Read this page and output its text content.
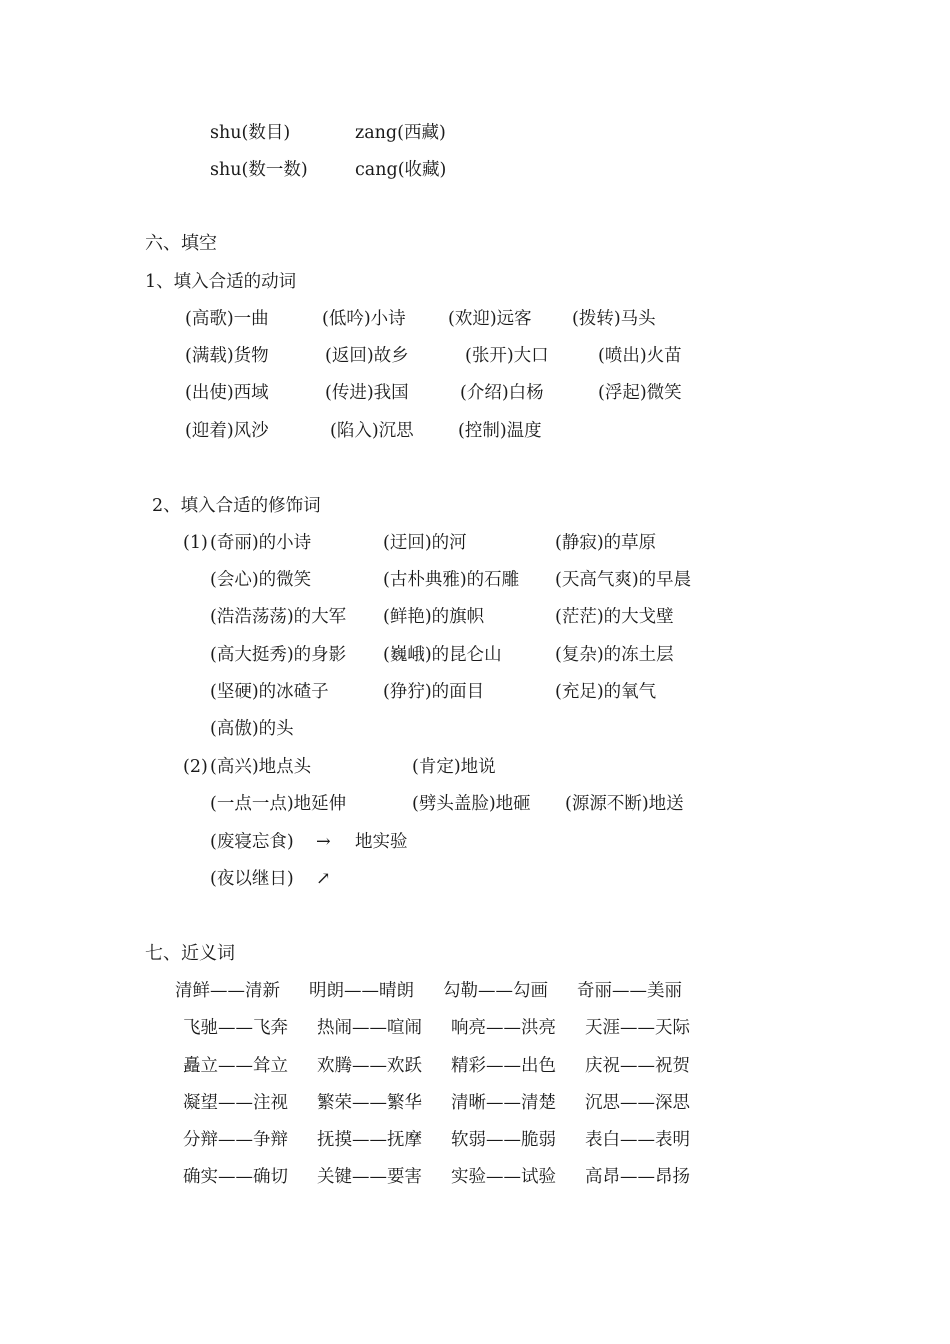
shu(数目)	zang(西藏)
shu(数一数)	cang(收藏)
六、填空
1、填入合适的动词
(高歌)一曲	(低吟)小诗 (欢迎)远客 (拨转)马头
(满载)货物	(返回)故乡	(张开)大口	(喷出)火苗
(出使)西域	(传进)我国	(介绍)白杨	(浮起)微笑
(迎着)风沙	(陷入)沉思	(控制)温度
2、填入合适的修饰词
(1) (奇丽)的小诗	(迂回)的河	(静寂)的草原
(会心)的微笑	(古朴典雅)的石雕 (天高气爽)的早晨
(浩浩荡荡)的大军 (鲜艳)的旗帜	(茫茫)的大戈壁
(高大挺秀)的身影 (巍峨)的昆仑山	(复杂)的冻土层
(坚硬)的冰碴子	(狰狞)的面目	(充足)的氧气
(高傲)的头
(2) (高兴)地点头	(肯定)地说
(一点一点)地延伸	(劈头盖脸)地砸 (源源不断)地送
(废寝忘食) → 地实验
(夜以继日) ↗
七、近义词
清鲜——清新 明朗——晴朗 勾勒——勾画 奇丽——美丽
飞驰——飞奔 热闹——喧闹 响亮——洪亮 天涯——天际
矗立——耸立 欢腾——欢跃 精彩——出色 庆祝——祝贺
凝望——注视 繁荣——繁华 清晰——清楚 沉思——深思
分辩——争辩 抚摸——抚摩 软弱——脆弱 表白——表明
确实——确切 关键——要害 实验——试验 高昂——昂扬
